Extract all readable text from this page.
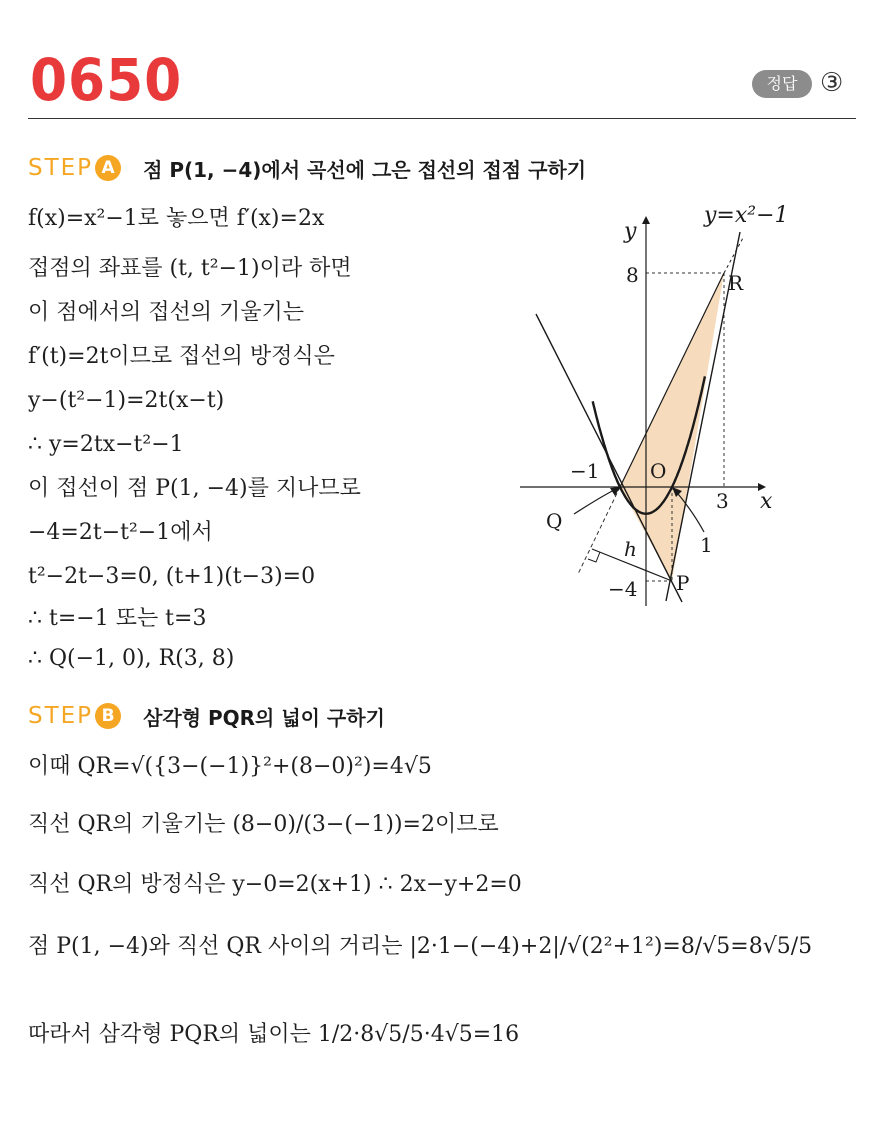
0650	정답 ③
STEP A	점 P(1, −4)에서 곡선에 그은 접선의 접점 구하기
f(x)=x²−1로 놓으면 f′(x)=2x
접점의 좌표를 (t, t²−1)이라 하면
이 점에서의 접선의 기울기는
f′(t)=2t이므로 접선의 방정식은
y−(t²−1)=2t(x−t)
∴ y=2tx−t²−1
이 접선이 점 P(1, −4)를 지나므로
−4=2t−t²−1에서
t²−2t−3=0, (t+1)(t−3)=0
∴ t=−1 또는 t=3
∴ Q(−1, 0), R(3, 8)
y=x²−1
y
x
O
8
−4
−1
3
1
R
Q
P
h
STEP B	삼각형 PQR의 넓이 구하기
이때 QR=√({3−(−1)}²+(8−0)²)=4√5
직선 QR의 기울기는 (8−0)/(3−(−1))=2이므로
직선 QR의 방정식은 y−0=2(x+1) ∴ 2x−y+2=0
점 P(1, −4)와 직선 QR 사이의 거리는 |2·1−(−4)+2|/√(2²+1²)=8/√5=8√5/5
따라서 삼각형 PQR의 넓이는 1/2·8√5/5·4√5=16
